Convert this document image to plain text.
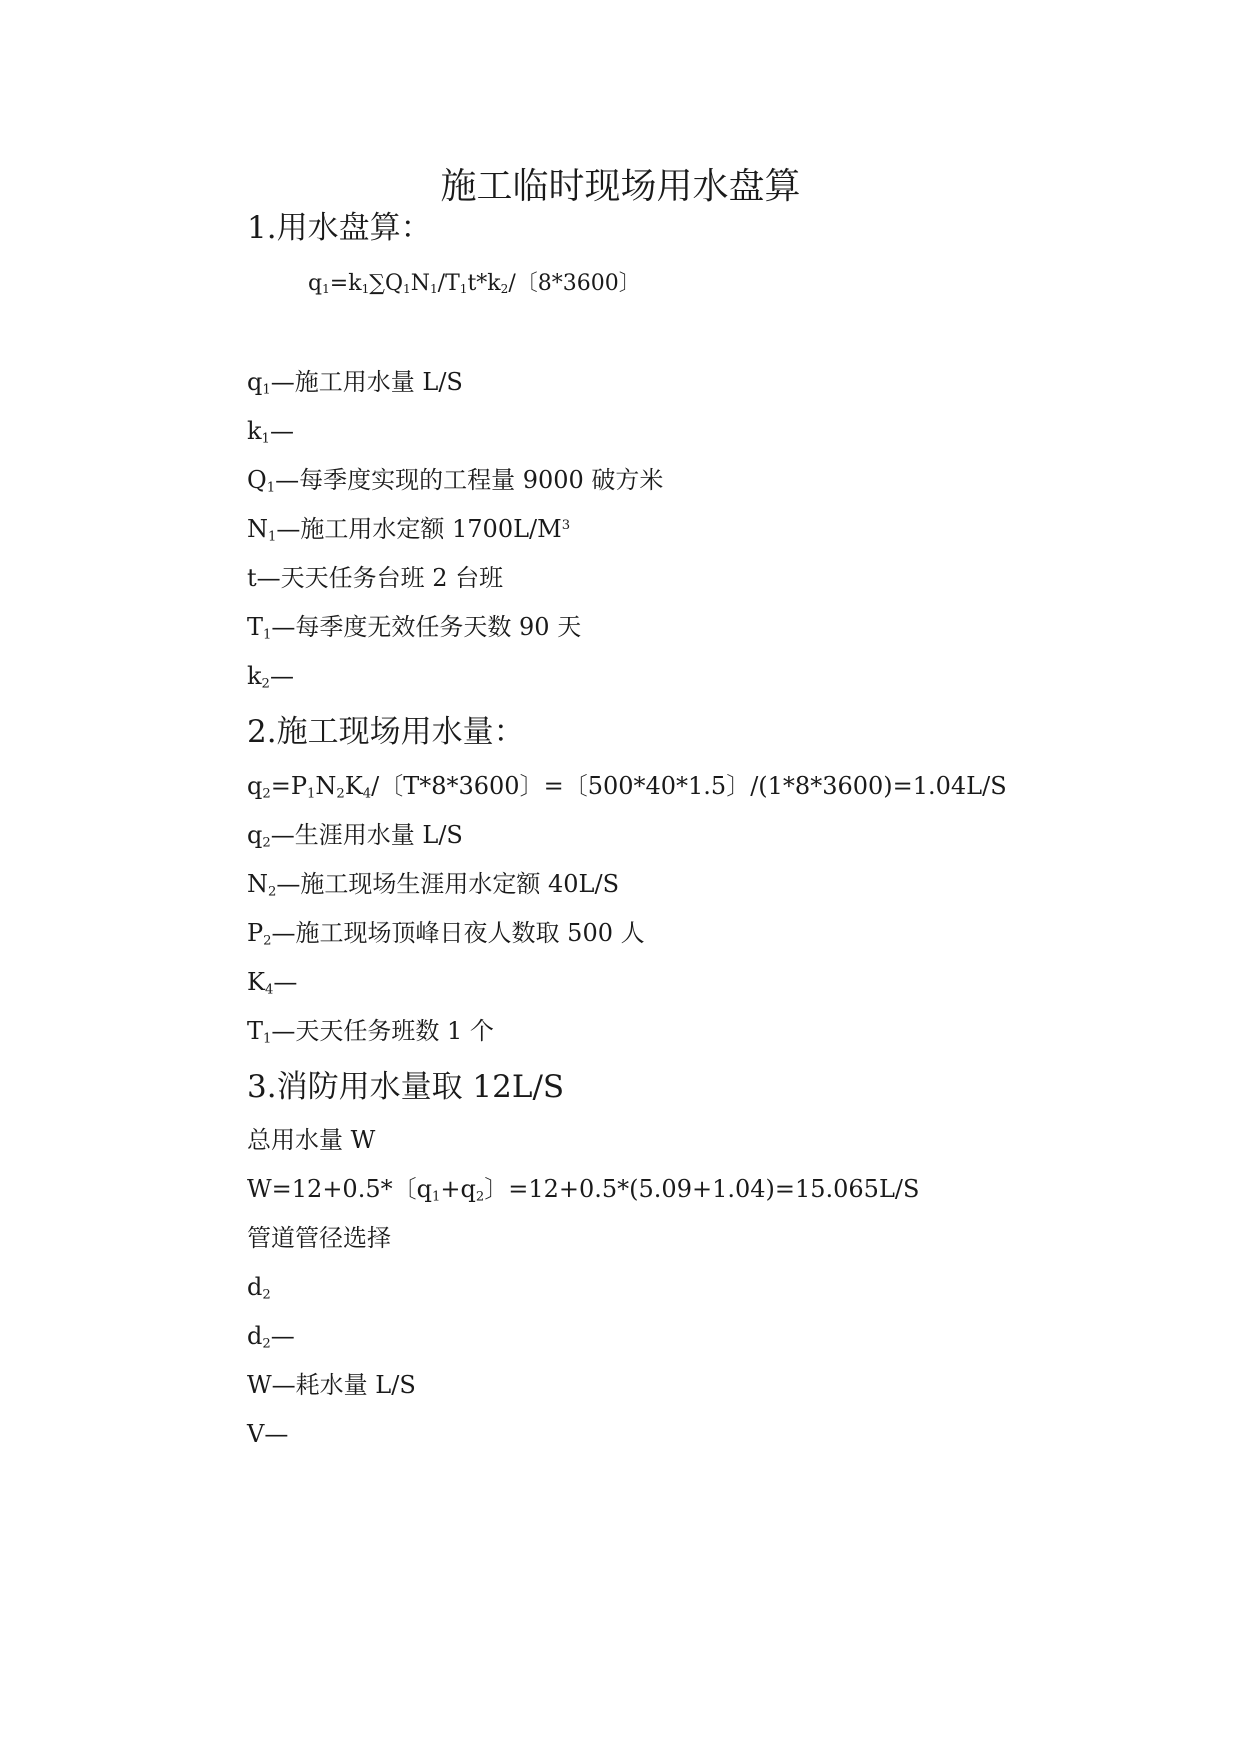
施工临时现场用水盘算
1.用水盘算：
$q_1=k_1\sum Q_1N_1/T_1t*k_2/$〔8*3600〕
$q_1—$施工用水量 L/S
$k_1—$
$Q_1—$每季度实现的工程量 9000 破方米
$N_1—$施工用水定额 $1700L/M^3$
t—天天任务台班 2 台班
$T_1—$每季度无效任务天数 90 天
$k_2—$
2.施工现场用水量：
$q_2=P_1N_2K_4/$〔T*8*3600〕=〔500*40*1.5〕/(1*8*3600)=1.04L/S
$q_2—$生涯用水量 L/S
$N_2—$施工现场生涯用水定额 40L/S
$P_2—$施工现场顶峰日夜人数取 500 人
$K_4—$
$T_1—$天天任务班数 1 个
3.消防用水量取 12L/S
总用水量 W
W=12+0.5*〔$q_1+q_2$〕=12+0.5*(5.09+1.04)=15.065L/S
管道管径选择
$d_2$
$d_2—$
W—耗水量 L/S
V—
